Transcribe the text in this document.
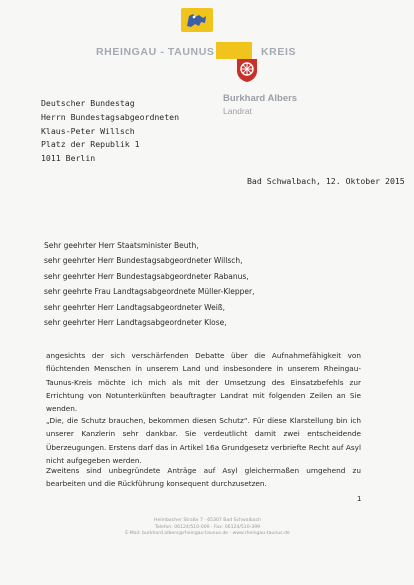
RHEINGAU - TAUNUS	KREIS
Burkhard Albers
Landrat
Deutscher Bundestag
Herrn Bundestagsabgeordneten
Klaus-Peter Willsch
Platz der Republik 1
1011 Berlin
Bad Schwalbach, 12. Oktober 2015
Sehr geehrter Herr Staatsminister Beuth,
sehr geehrter Herr Bundestagsabgeordneter Willsch,
sehr geehrter Herr Bundestagsabgeordneter Rabanus,
sehr geehrte Frau Landtagsabgeordnete Müller-Klepper,
sehr geehrter Herr Landtagsabgeordneter Weiß,
sehr geehrter Herr Landtagsabgeordneter Klose,
angesichts der sich verschärfenden Debatte über die Aufnahmefähigkeit von flüchtenden Menschen in unserem Land und insbesondere in unserem Rheingau-Taunus-Kreis möchte ich mich als mit der Umsetzung des Einsatzbefehls zur Errichtung von Notunterkünften beauftragter Landrat mit folgenden Zeilen an Sie wenden.
„Die, die Schutz brauchen, bekommen diesen Schutz“. Für diese Klarstellung bin ich unserer Kanzlerin sehr dankbar. Sie verdeutlicht damit zwei entscheidende Überzeugungen. Erstens darf das in Artikel 16a Grundgesetz verbriefte Recht auf Asyl nicht aufgegeben werden.
Zweitens sind unbegründete Anträge auf Asyl gleichermaßen umgehend zu bearbeiten und die Rückführung konsequent durchzusetzen.
1
Heimbacher Straße 7 · 65307 Bad Schwalbach
Telefon: 06124/510-000 · Fax: 06124/510-399
E-Mail: burkhard.albers@rheingau-taunus.de · www.rheingau-taunus.de
